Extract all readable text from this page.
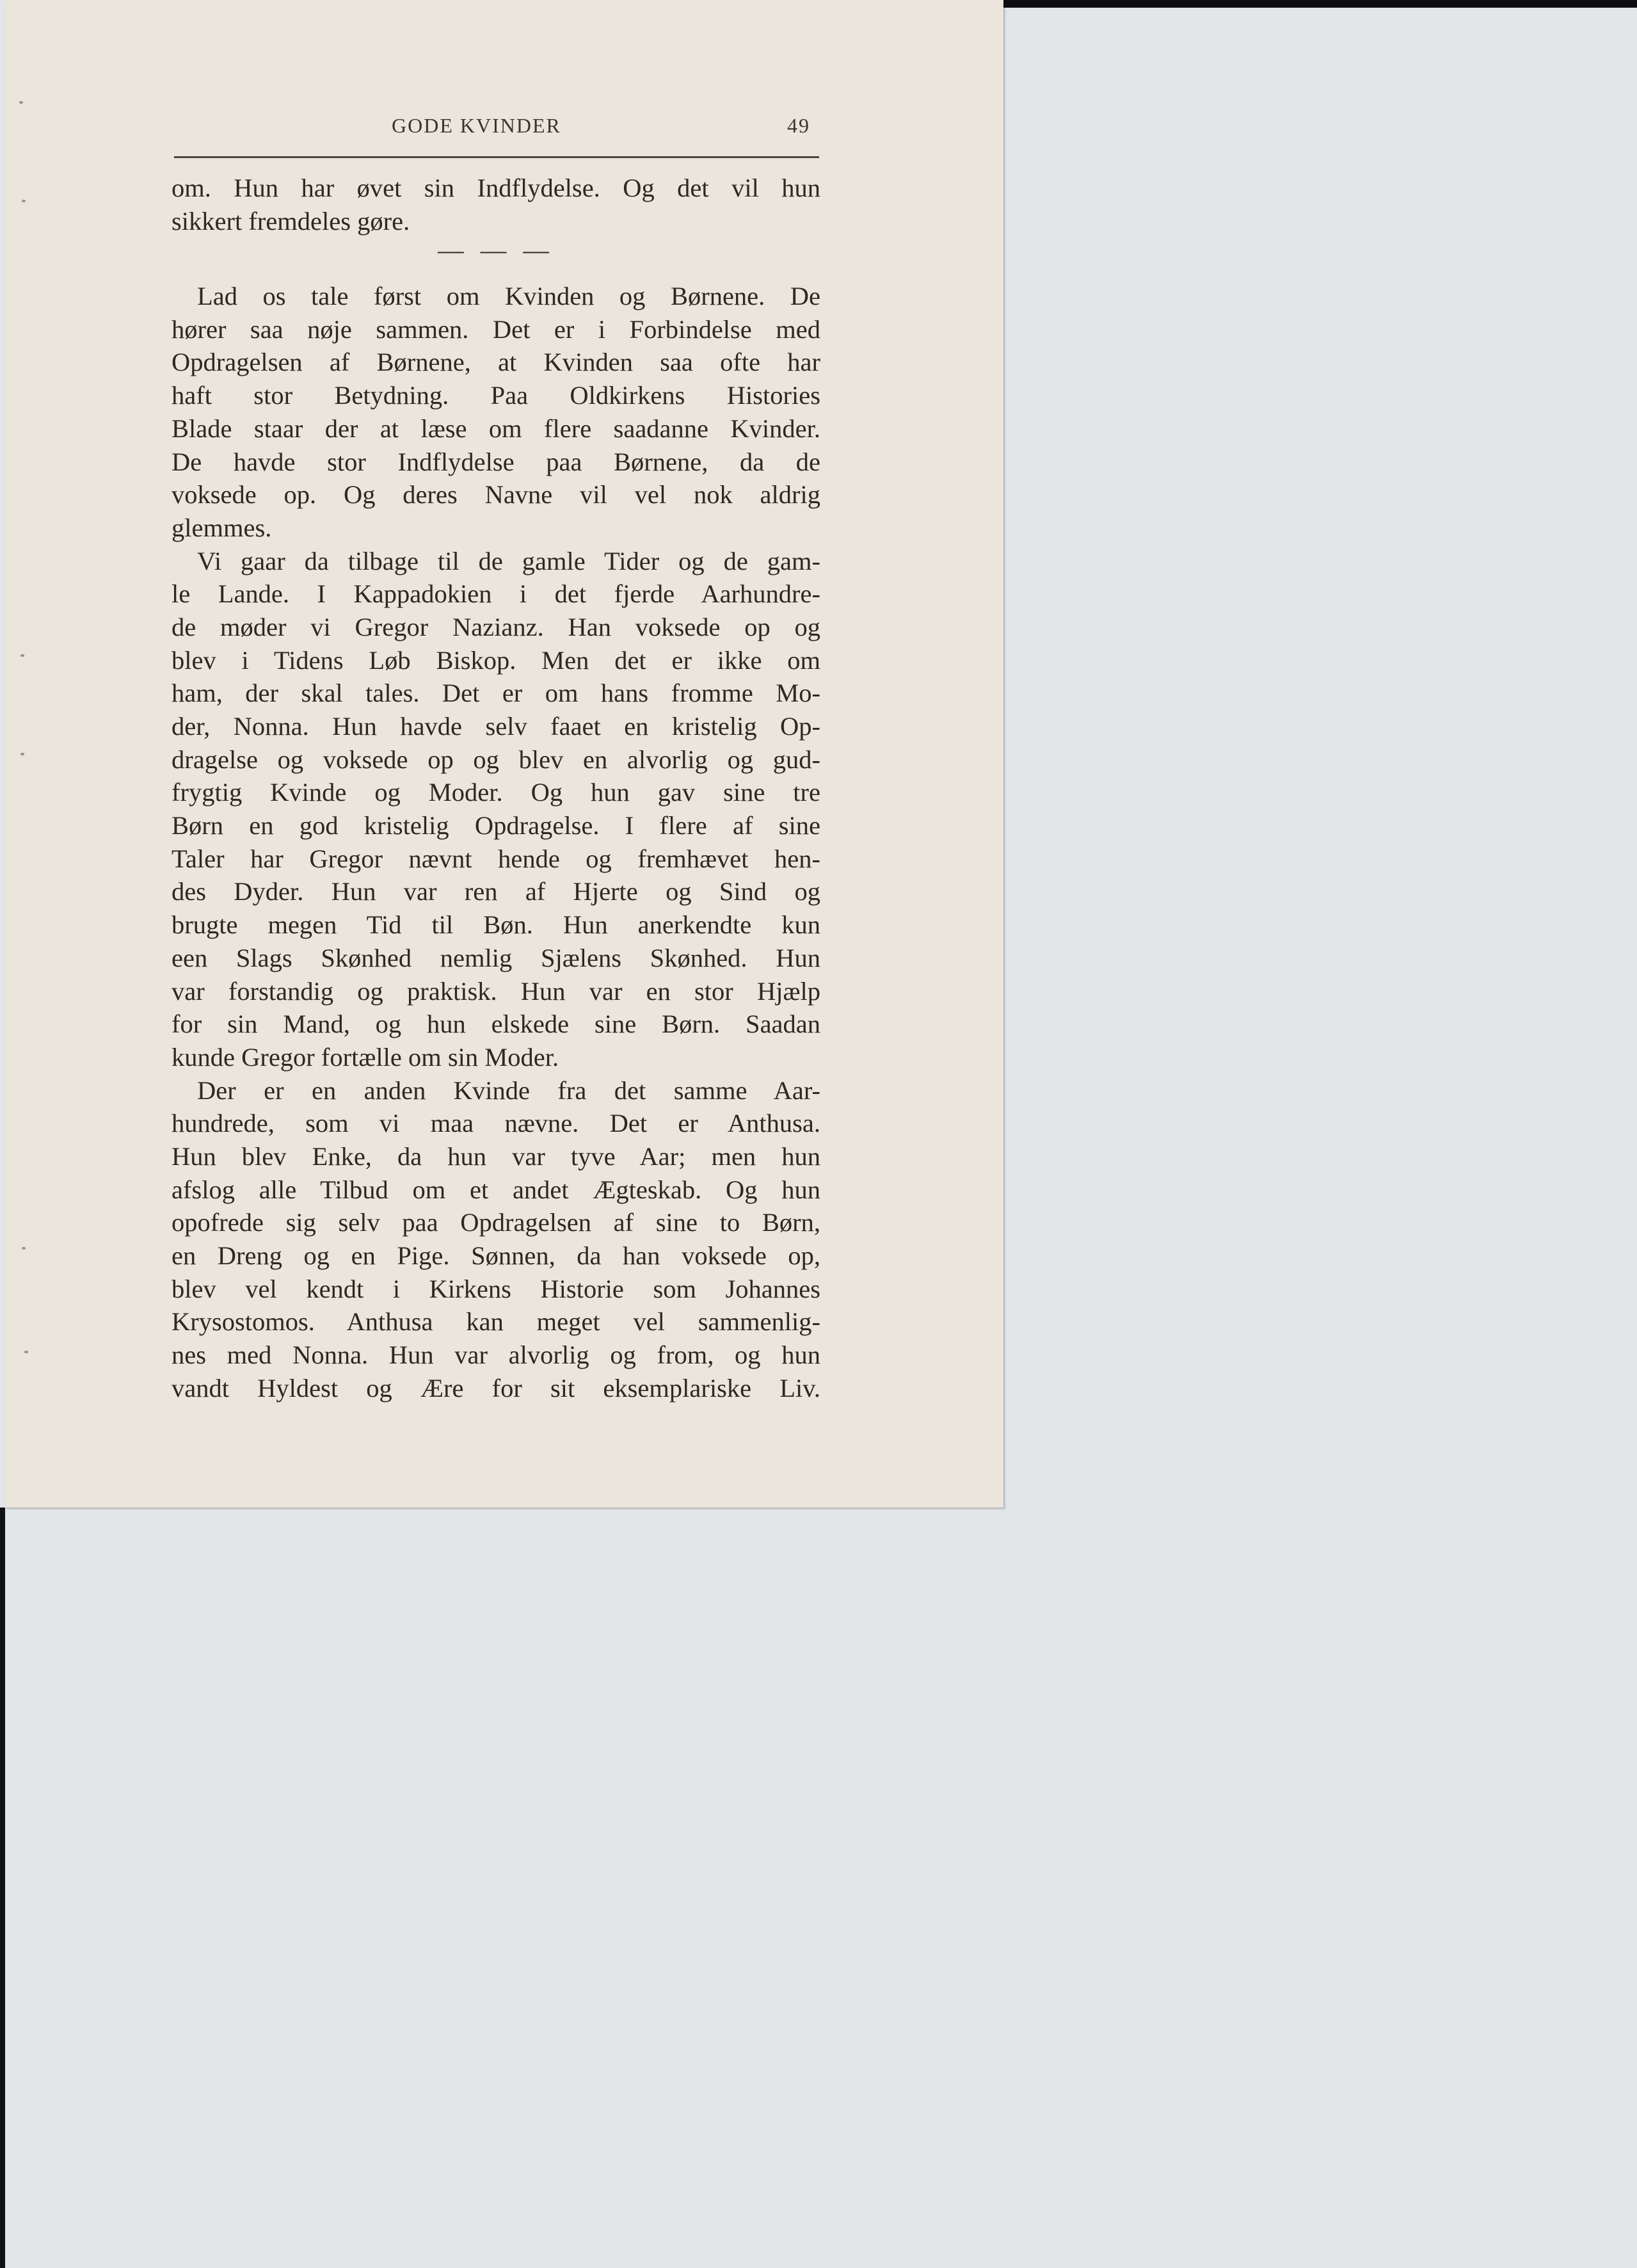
GODE KVINDER	49
om. Hun har øvet sin Indflydelse. Og det vil hun
sikkert fremdeles gøre.
— — —
Lad os tale først om Kvinden og Børnene. De
hører saa nøje sammen. Det er i Forbindelse med
Opdragelsen af Børnene, at Kvinden saa ofte har
haft stor Betydning. Paa Oldkirkens Histories
Blade staar der at læse om flere saadanne Kvinder.
De havde stor Indflydelse paa Børnene, da de
voksede op. Og deres Navne vil vel nok aldrig
glemmes.
Vi gaar da tilbage til de gamle Tider og de gam-
le Lande. I Kappadokien i det fjerde Aarhundre-
de møder vi Gregor Nazianz. Han voksede op og
blev i Tidens Løb Biskop. Men det er ikke om
ham, der skal tales. Det er om hans fromme Mo-
der, Nonna. Hun havde selv faaet en kristelig Op-
dragelse og voksede op og blev en alvorlig og gud-
frygtig Kvinde og Moder. Og hun gav sine tre
Børn en god kristelig Opdragelse. I flere af sine
Taler har Gregor nævnt hende og fremhævet hen-
des Dyder. Hun var ren af Hjerte og Sind og
brugte megen Tid til Bøn. Hun anerkendte kun
een Slags Skønhed nemlig Sjælens Skønhed. Hun
var forstandig og praktisk. Hun var en stor Hjælp
for sin Mand, og hun elskede sine Børn. Saadan
kunde Gregor fortælle om sin Moder.
Der er en anden Kvinde fra det samme Aar-
hundrede, som vi maa nævne. Det er Anthusa.
Hun blev Enke, da hun var tyve Aar; men hun
afslog alle Tilbud om et andet Ægteskab. Og hun
opofrede sig selv paa Opdragelsen af sine to Børn,
en Dreng og en Pige. Sønnen, da han voksede op,
blev vel kendt i Kirkens Historie som Johannes
Krysostomos. Anthusa kan meget vel sammenlig-
nes med Nonna. Hun var alvorlig og from, og hun
vandt Hyldest og Ære for sit eksemplariske Liv.
